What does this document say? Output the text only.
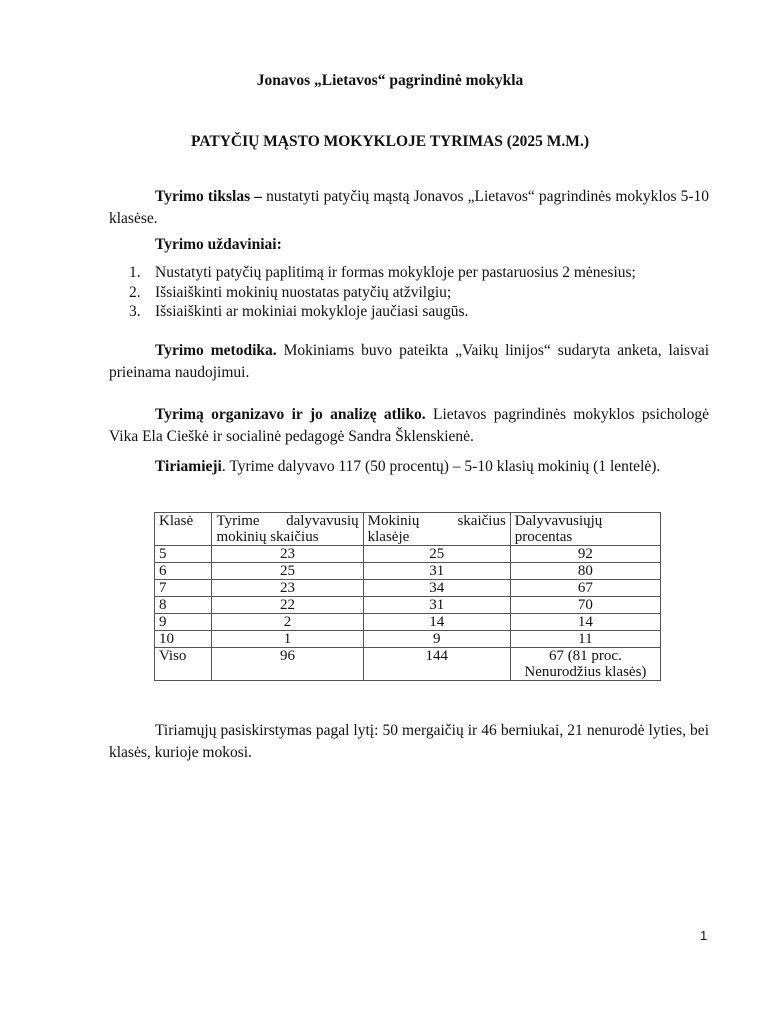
Jonavos „Lietavos“ pagrindinė mokykla
PATYČIŲ MĄSTO MOKYKLOJE TYRIMAS (2025 M.M.)

Tyrimo tikslas – nustatyti patyčių mąstą Jonavos „Lietavos“ pagrindinės mokyklos 5-10 klasėse.

Tyrimo uždaviniai:
1. Nustatyti patyčių paplitimą ir formas mokykloje per pastaruosius 2 mėnesius;
2. Išsiaiškinti mokinių nuostatas patyčių atžvilgiu;
3. Išsiaiškinti ar mokiniai mokykloje jaučiasi saugūs.

Tyrimo metodika. Mokiniams buvo pateikta „Vaikų linijos“ sudaryta anketa, laisvai prieinama naudojimui.

Tyrimą organizavo ir jo analizę atliko. Lietavos pagrindinės mokyklos psichologė Vika Ela Cieškė ir socialinė pedagogė Sandra Šklenskienė.

Tiriamieji. Tyrime dalyvavo 117 (50 procentų) – 5-10 klasių mokinių (1 lentelė).

Klasė	Tyrime dalyvavusių mokinių skaičius	Mokinių skaičius klasėje	Dalyvavusiųjų procentas
5	23	25	92
6	25	31	80
7	23	34	67
8	22	31	70
9	2	14	14
10	1	9	11
Viso	96	144	67 (81 proc. Nenurodžius klasės)

Tiriamųjų pasiskirstymas pagal lytį: 50 mergaičių ir 46 berniukai, 21 nenurodė lyties, bei klasės, kurioje mokosi.

1
